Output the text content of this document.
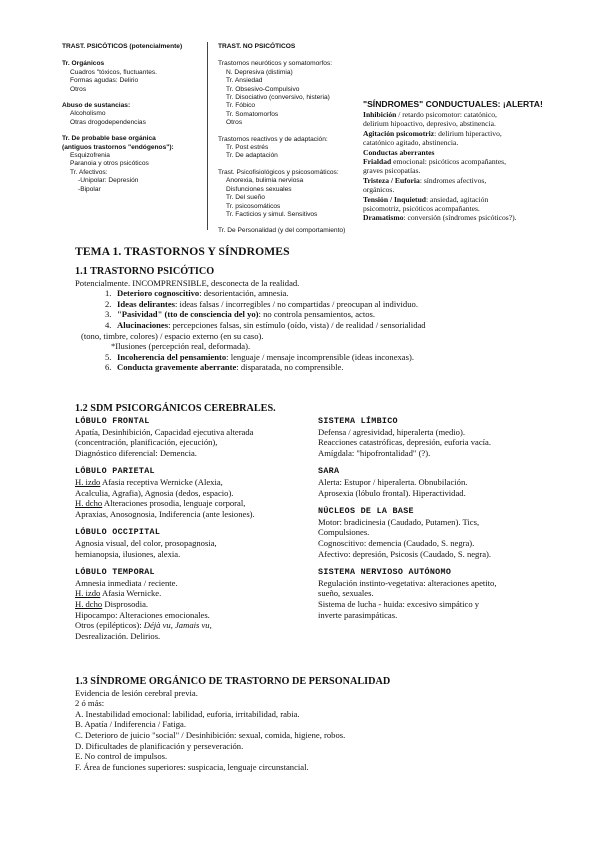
TRAST. PSICÓTICOS (potencialmente)
Tr. Orgánicos
Cuadros "tóxicos, fluctuantes.
Formas agudas: Delirio
Otros
Abuso de sustancias:
Alcoholismo
Otras drogodependencias
Tr. De probable base orgánica
(antiguos trastornos "endógenos"):
Esquizofrenia
Paranoia y otros psicóticos
Tr. Afectivos:
-Unipolar: Depresión
-Bipolar
TRAST. NO PSICÓTICOS
Trastornos neuróticos y somatomorfos:
N. Depresiva (distimia)
Tr. Ansiedad
Tr. Obsesivo-Compulsivo
Tr. Disociativo (conversivo, histeria)
Tr. Fóbico
Tr. Somatomorfos
Otros
Trastornos reactivos y de adaptación:
Tr. Post estrés
Tr. De adaptación
Trast. Psicofisiológicos y psicosomáticos:
Anorexia, bulimia nerviosa
Disfunciones sexuales
Tr. Del sueño
Tr. psicosomáticos
Tr. Facticios y simul. Sensitivos
Tr. De Personalidad (y del comportamiento)
"SÍNDROMES" CONDUCTUALES: ¡ALERTA!
Inhibición / retardo psicomotor: catatónico,
delirium hipoactivo, depresivo, abstinencia.
Agitación psicomotriz: delirium hiperactivo,
catatónico agitado, abstinencia.
Conductas aberrantes
Frialdad emocional: psicóticos acompañantes,
graves psicopatías.
Tristeza / Euforia: síndromes afectivos,
orgánicos.
Tensión / Inquietud: ansiedad, agitación
psicomotriz, psicóticos acompañantes.
Dramatismo: conversión (síndromes psicóticos?).
TEMA 1. TRASTORNOS Y SÍNDROMES
1.1 TRASTORNO PSICÓTICO
Potencialmente. INCOMPRENSIBLE, desconecta de la realidad.
1. Deterioro cognoscitivo: desorientación, amnesia.
2. Ideas delirantes: ideas falsas / incorregibles / no compartidas / preocupan al individuo.
3. "Pasividad" (tto de consciencia del yo): no controla pensamientos, actos.
4. Alucinaciones: percepciones falsas, sin estímulo (oído, vista) / de realidad / sensorialidad
(tono, timbre, colores) / espacio externo (en su caso).
*Ilusiones (percepción real, deformada).
5. Incoherencia del pensamiento: lenguaje / mensaje incomprensible (ideas inconexas).
6. Conducta gravemente aberrante: disparatada, no comprensible.
1.2 SDM PSICORGÁNICOS CEREBRALES.
LÓBULO FRONTAL
Apatía, Desinhibición, Capacidad ejecutiva alterada
(concentración, planificación, ejecución),
Diagnóstico diferencial: Demencia.
LÓBULO PARIETAL
H. izdo Afasia receptiva Wernicke (Alexia,
Acalculia, Agrafia), Agnosia (dedos, espacio).
H. dcho Alteraciones prosodia, lenguaje corporal,
Apraxias, Anosognosia, Indiferencia (ante lesiones).
LÓBULO OCCIPITAL
Agnosia visual, del color, prosopagnosia,
hemianopsia, ilusiones, alexia.
LÓBULO TEMPORAL
Amnesia inmediata / reciente.
H. izdo Afasia Wernicke.
H. dcho Disprosodia.
Hipocampo: Alteraciones emocionales.
Otros (epilépticos): Déjà vu, Jamais vu,
Desrealización. Delirios.
SISTEMA LÍMBICO
Defensa / agresividad, hiperalerta (medio).
Reacciones catastróficas, depresión, euforia vacía.
Amígdala: "hipofrontalidad" (?).
SARA
Alerta: Estupor / hiperalerta. Obnubilación.
Aprosexia (lóbulo frontal). Hiperactividad.
NÚCLEOS DE LA BASE
Motor: bradicinesia (Caudado, Putamen). Tics,
Compulsiones.
Cognoscitivo: demencia (Caudado, S. negra).
Afectivo: depresión, Psicosis (Caudado, S. negra).
SISTEMA NERVIOSO AUTÓNOMO
Regulación instinto-vegetativa: alteraciones apetito,
sueño, sexuales.
Sistema de lucha - huida: excesivo simpático y
inverte parasimpáticas.
1.3 SÍNDROME ORGÁNICO DE TRASTORNO DE PERSONALIDAD
Evidencia de lesión cerebral previa.
2 ó más:
A. Inestabilidad emocional: labilidad, euforia, irritabilidad, rabia.
B. Apatía / Indiferencia / Fatiga.
C. Deterioro de juicio "social" / Desinhibición: sexual, comida, higiene, robos.
D. Dificultades de planificación y perseveración.
E. No control de impulsos.
F. Área de funciones superiores: suspicacia, lenguaje circunstancial.
